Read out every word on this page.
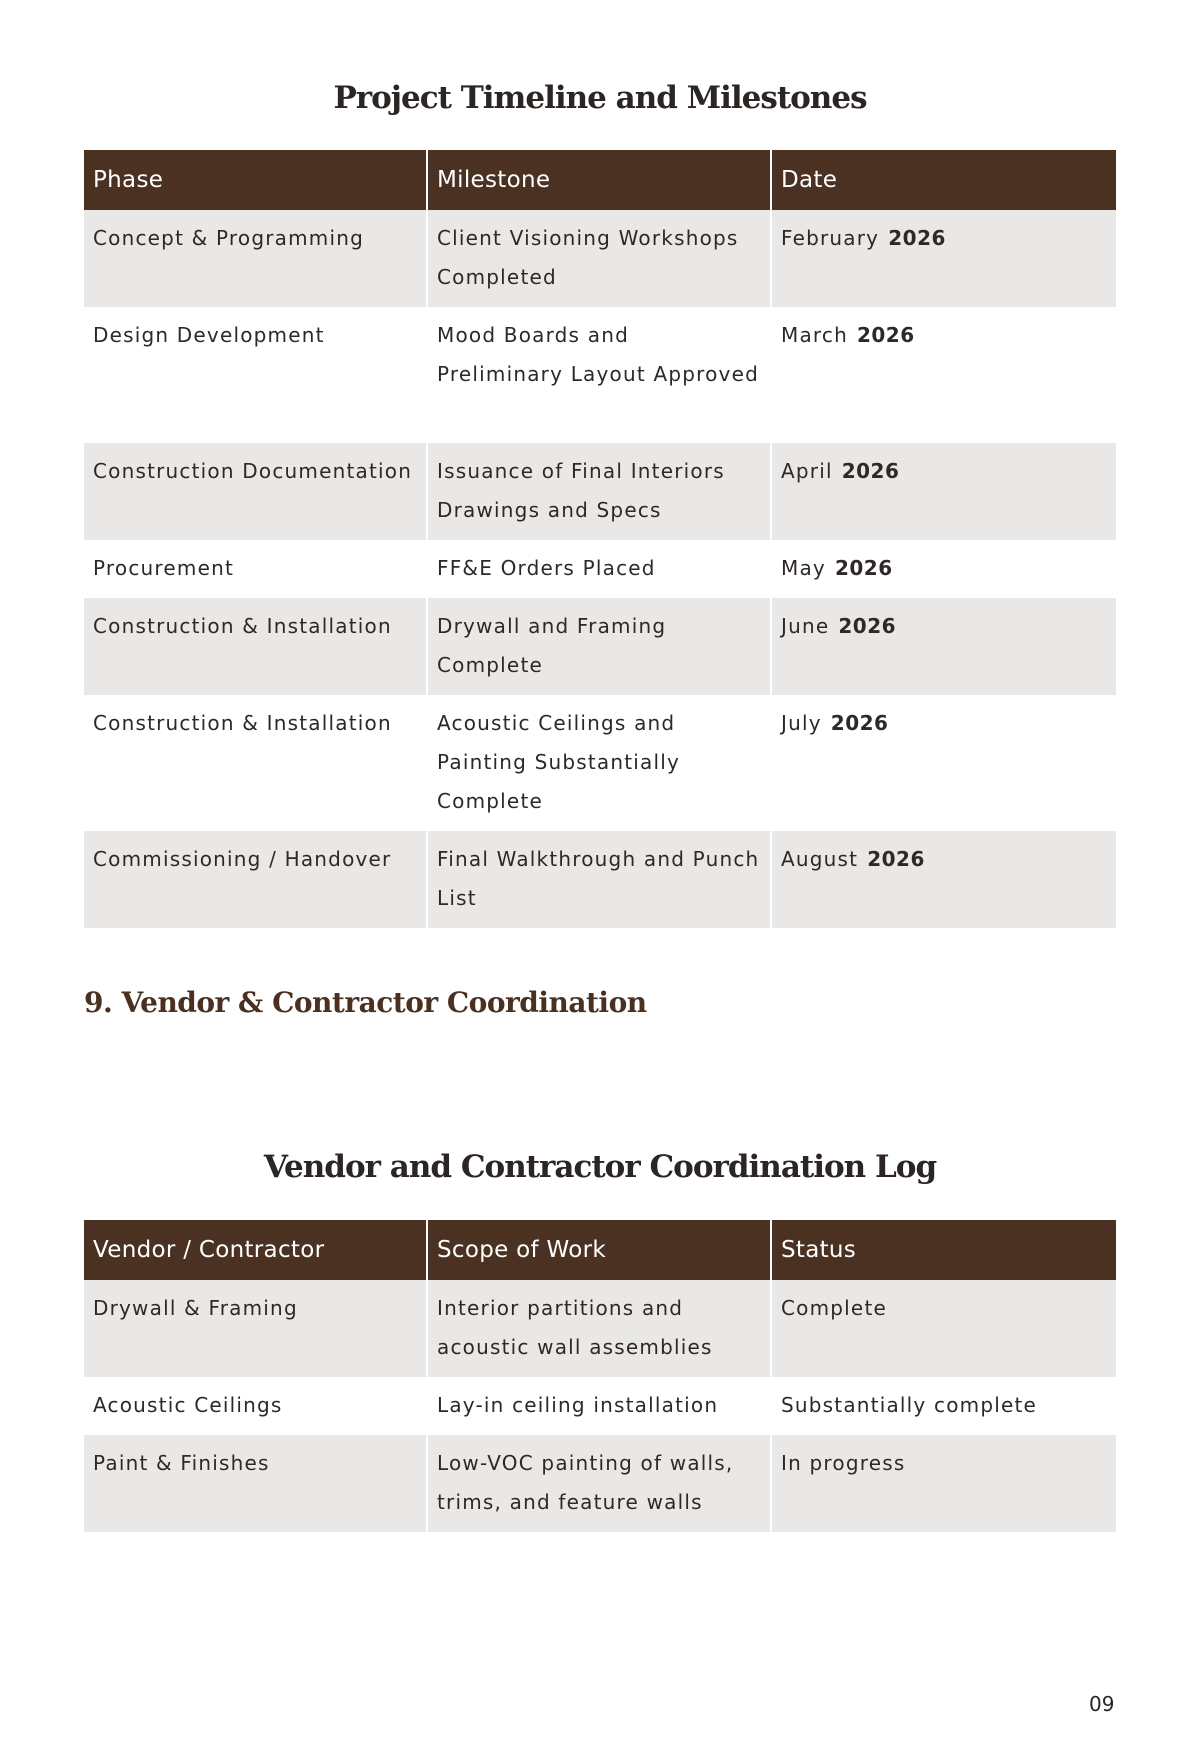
Project Timeline and Milestones
Phase	Milestone	Date
Concept & Programming	Client Visioning Workshops Completed	February 2026
Design Development	Mood Boards and Preliminary Layout Approved	March 2026
Construction Documentation	Issuance of Final Interiors Drawings and Specs	April 2026
Procurement	FF&E Orders Placed	May 2026
Construction & Installation	Drywall and Framing Complete	June 2026
Construction & Installation	Acoustic Ceilings and Painting Substantially Complete	July 2026
Commissioning / Handover	Final Walkthrough and Punch List	August 2026
9. Vendor & Contractor Coordination
Vendor and Contractor Coordination Log
Vendor / Contractor	Scope of Work	Status
Drywall & Framing	Interior partitions and acoustic wall assemblies	Complete
Acoustic Ceilings	Lay-in ceiling installation	Substantially complete
Paint & Finishes	Low-VOC painting of walls, trims, and feature walls	In progress
09
